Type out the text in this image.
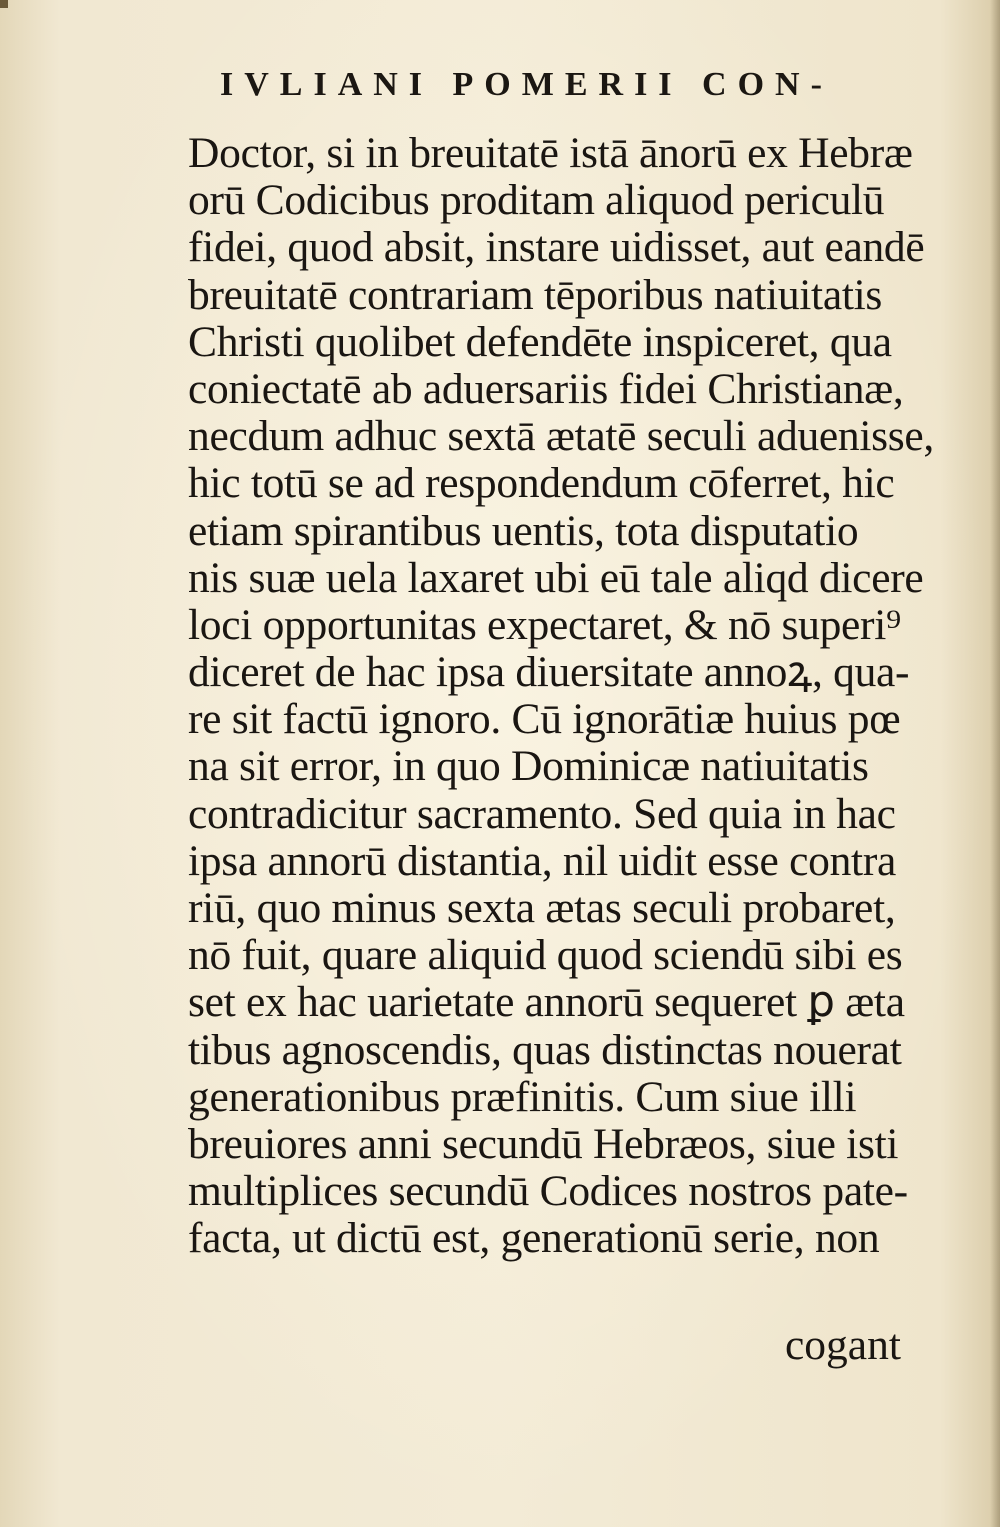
IVLIANI POMERII CON-
Doctor, si in breuitatē istā ānorū ex Hebræ
orū Codicibus proditam aliquod periculū
fidei, quod absit, instare uidisset, aut eandē
breuitatē contrariam tēporibus natiuitatis
Christi quolibet defendēte inspiceret, qua
coniectatē ab aduersariis fidei Christianæ,
necdum adhuc sextā ætatē seculi aduenisse,
hic totū se ad respondendum cōferret, hic
etiam spirantibus uentis, tota disputatio
nis suæ uela laxaret ubi eū tale aliqd dicere
loci opportunitas expectaret, & nō superi⁹
diceret de hac ipsa diuersitate annoꝝ, qua-
re sit factū ignoro. Cū ignorātiæ huius pœ
na sit error, in quo Dominicæ natiuitatis
contradicitur sacramento. Sed quia in hac
ipsa annorū distantia, nil uidit esse contra
riū, quo minus sexta ætas seculi probaret,
nō fuit, quare aliquid quod sciendū sibi es
set ex hac uarietate annorū sequeret ꝑ æta
tibus agnoscendis, quas distinctas nouerat
generationibus præfinitis. Cum siue illi
breuiores anni secundū Hebræos, siue isti
multiplices secundū Codices nostros pate-
facta, ut dictū est, generationū serie, non
cogant
